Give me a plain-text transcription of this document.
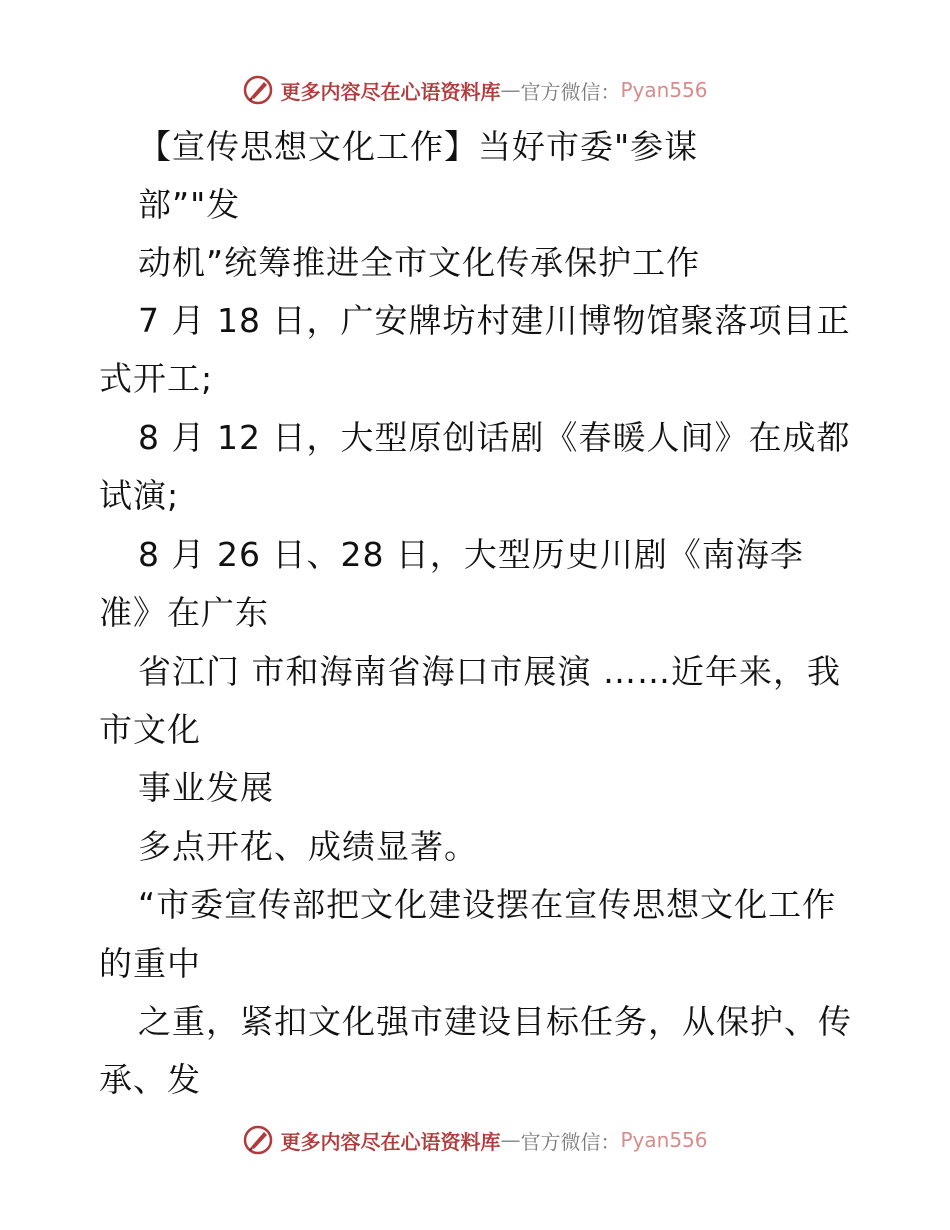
更多内容尽在心语资料库 — 官方微信： Pyan556
【宣传思想文化工作】当好市委"参谋
部”"发
动机”统筹推进全市文化传承保护工作
7 月 18 日，广安牌坊村建川博物馆聚落项目正
式开工;
8 月 12 日，大型原创话剧《春暖人间》在成都
试演;
8 月 26 日、28 日，大型历史川剧《南海李
准》在广东
省江门 市和海南省海口市展演 ……近年来，我
市文化
事业发展
多点开花、成绩显著。
“市委宣传部把文化建设摆在宣传思想文化工作
的重中
之重，紧扣文化强市建设目标任务，从保护、传
承、发
更多内容尽在心语资料库 — 官方微信： Pyan556
